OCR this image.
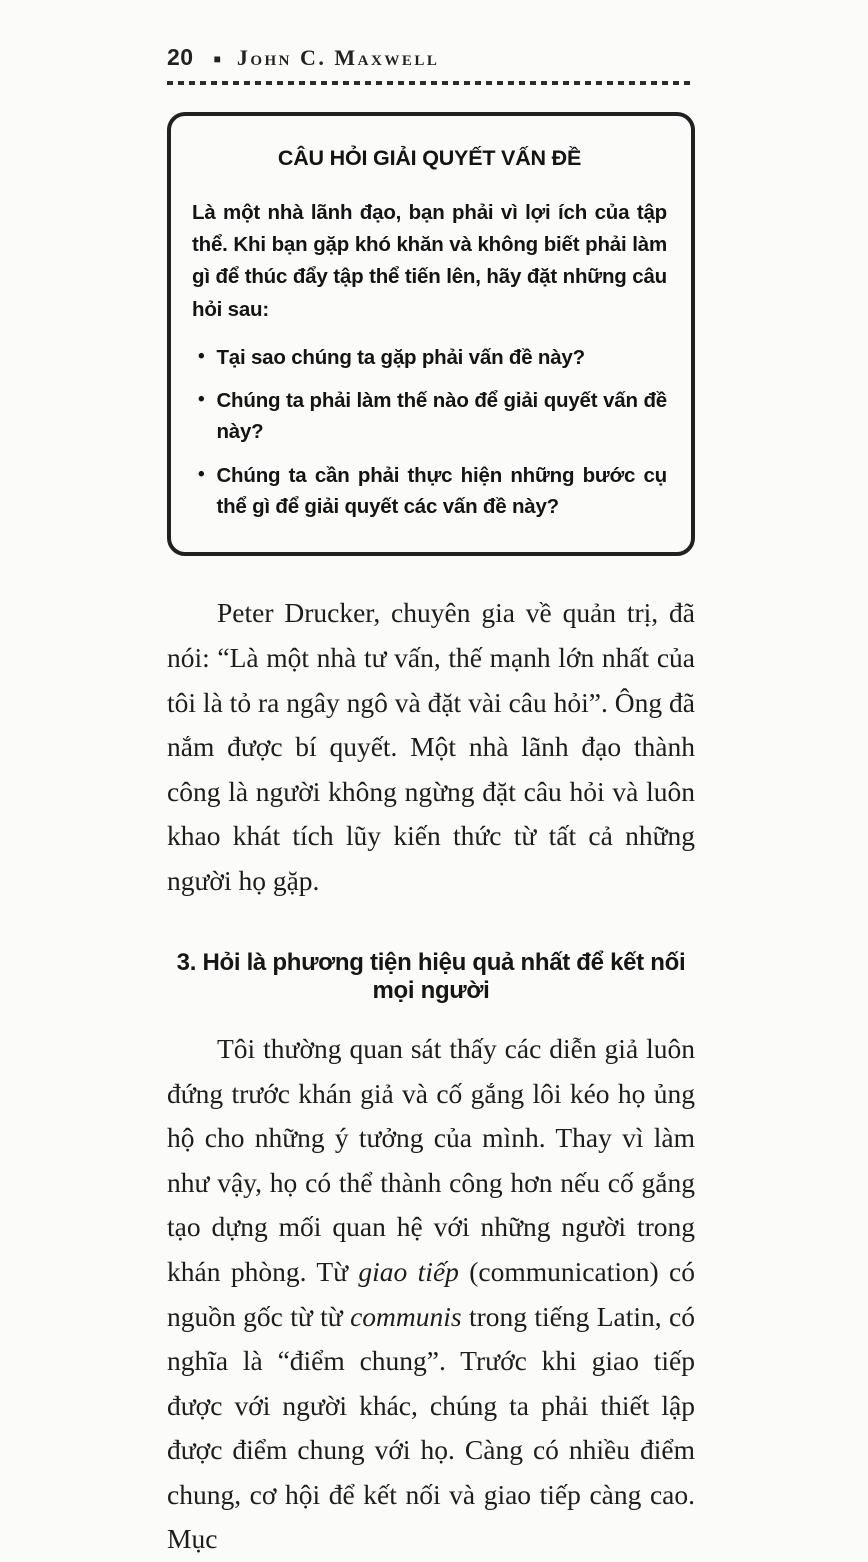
20 ■ John C. Maxwell
CÂU HỎI GIẢI QUYẾT VẤN ĐỀ

Là một nhà lãnh đạo, bạn phải vì lợi ích của tập thể. Khi bạn gặp khó khăn và không biết phải làm gì để thúc đẩy tập thể tiến lên, hãy đặt những câu hỏi sau:

• Tại sao chúng ta gặp phải vấn đề này?
• Chúng ta phải làm thế nào để giải quyết vấn đề này?
• Chúng ta cần phải thực hiện những bước cụ thể gì để giải quyết các vấn đề này?

Peter Drucker, chuyên gia về quản trị, đã nói: “Là một nhà tư vấn, thế mạnh lớn nhất của tôi là tỏ ra ngây ngô và đặt vài câu hỏi”. Ông đã nắm được bí quyết. Một nhà lãnh đạo thành công là người không ngừng đặt câu hỏi và luôn khao khát tích lũy kiến thức từ tất cả những người họ gặp.

3. Hỏi là phương tiện hiệu quả nhất để kết nối mọi người

Tôi thường quan sát thấy các diễn giả luôn đứng trước khán giả và cố gắng lôi kéo họ ủng hộ cho những ý tưởng của mình. Thay vì làm như vậy, họ có thể thành công hơn nếu cố gắng tạo dựng mối quan hệ với những người trong khán phòng. Từ giao tiếp (communication) có nguồn gốc từ từ communis trong tiếng Latin, có nghĩa là “điểm chung”. Trước khi giao tiếp được với người khác, chúng ta phải thiết lập được điểm chung với họ. Càng có nhiều điểm chung, cơ hội để kết nối và giao tiếp càng cao. Mục
